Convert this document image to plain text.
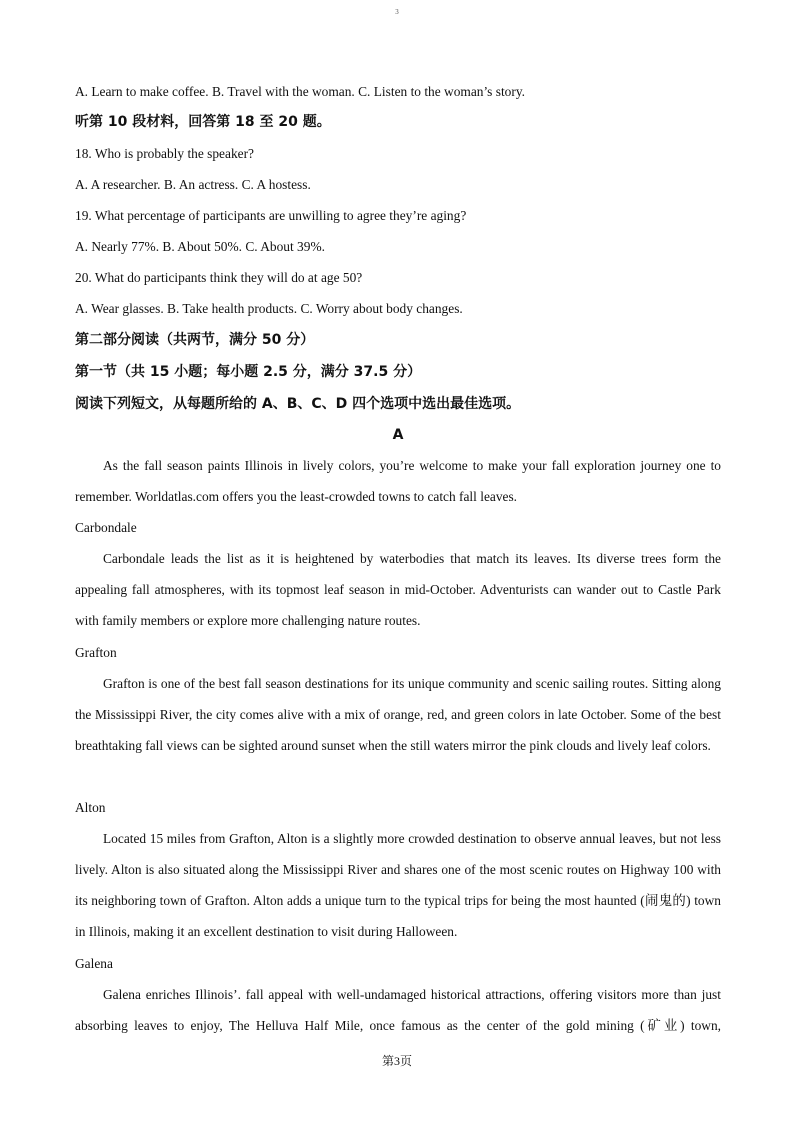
3
A. Learn to make coffee. B. Travel with the woman. C. Listen to the woman’s story.
听第 10 段材料，回答第 18 至 20 题。
18. Who is probably the speaker?
A. A researcher. B. An actress. C. A hostess.
19. What percentage of participants are unwilling to agree they’re aging?
A. Nearly 77%. B. About 50%. C. About 39%.
20. What do participants think they will do at age 50?
A. Wear glasses. B. Take health products. C. Worry about body changes.
第二部分阅读（共两节，满分 50 分）
第一节（共 15 小题；每小题 2.5 分，满分 37.5 分）
阅读下列短文，从每题所给的 A、B、C、D 四个选项中选出最佳选项。
A
As the fall season paints Illinois in lively colors, you’re welcome to make your fall exploration journey one to remember. Worldatlas.com offers you the least-crowded towns to catch fall leaves.
Carbondale
Carbondale leads the list as it is heightened by waterbodies that match its leaves. Its diverse trees form the appealing fall atmospheres, with its topmost leaf season in mid-October. Adventurists can wander out to Castle Park with family members or explore more challenging nature routes.
Grafton
Grafton is one of the best fall season destinations for its unique community and scenic sailing routes. Sitting along the Mississippi River, the city comes alive with a mix of orange, red, and green colors in late October. Some of the best breathtaking fall views can be sighted around sunset when the still waters mirror the pink clouds and lively leaf colors.
Alton
Located 15 miles from Grafton, Alton is a slightly more crowded destination to observe annual leaves, but not less lively. Alton is also situated along the Mississippi River and shares one of the most scenic routes on Highway 100 with its neighboring town of Grafton. Alton adds a unique turn to the typical trips for being the most haunted (闹鬼的) town in Illinois, making it an excellent destination to visit during Halloween.
Galena
Galena enriches Illinois’. fall appeal with well-undamaged historical attractions, offering visitors more than just absorbing leaves to enjoy, The Helluva Half Mile, once famous as the center of the gold mining (矿业) town,
第3页
